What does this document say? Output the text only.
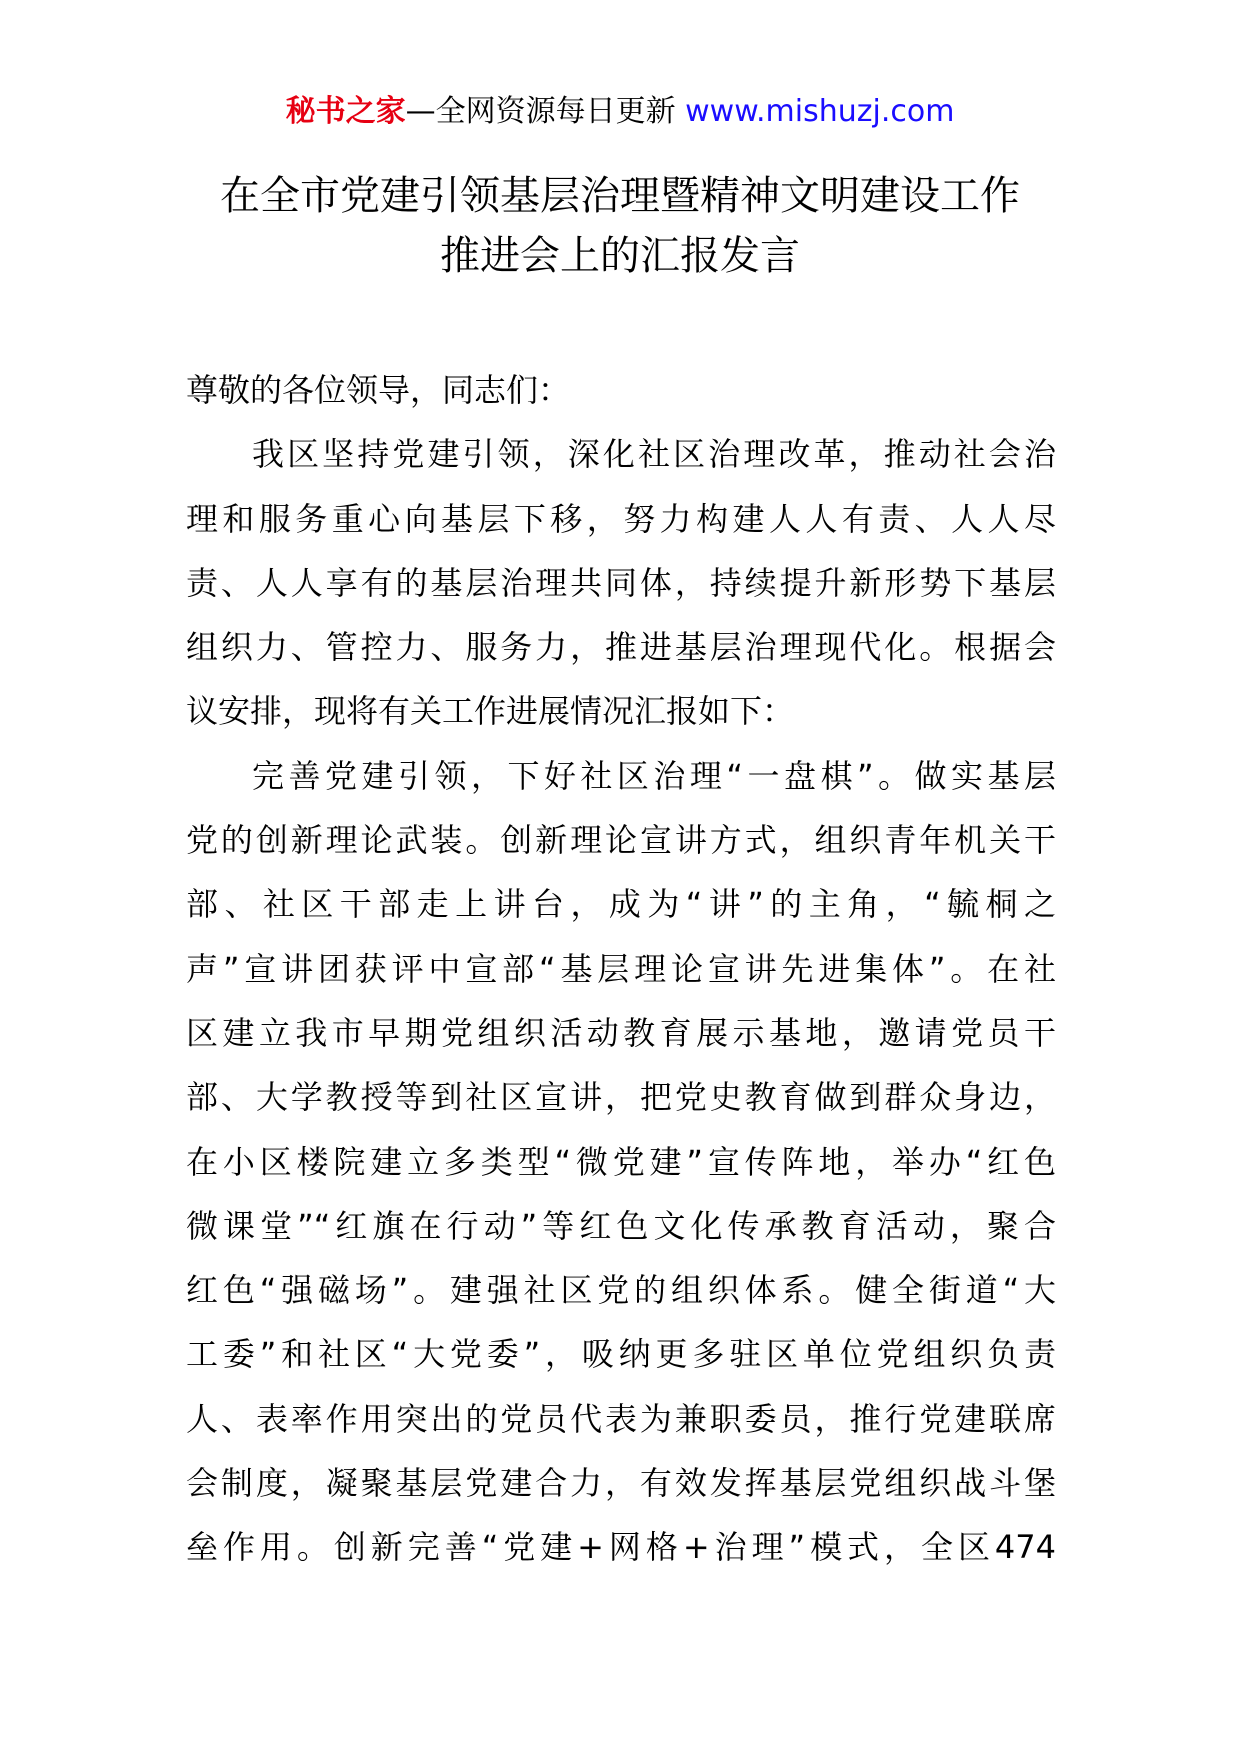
秘书之家—全网资源每日更新 www.mishuzj.com
在全市党建引领基层治理暨精神文明建设工作
推进会上的汇报发言
尊敬的各位领导，同志们：
我区坚持党建引领，深化社区治理改革，推动社会治
理和服务重心向基层下移，努力构建人人有责、人人尽
责、人人享有的基层治理共同体，持续提升新形势下基层
组织力、管控力、服务力，推进基层治理现代化。根据会
议安排，现将有关工作进展情况汇报如下：
完善党建引领，下好社区治理“一盘棋”。做实基层
党的创新理论武装。创新理论宣讲方式，组织青年机关干
部、社区干部走上讲台，成为“讲”的主角，“毓桐之
声”宣讲团获评中宣部“基层理论宣讲先进集体”。在社
区建立我市早期党组织活动教育展示基地，邀请党员干
部、大学教授等到社区宣讲，把党史教育做到群众身边，
在小区楼院建立多类型“微党建”宣传阵地，举办“红色
微课堂”“红旗在行动”等红色文化传承教育活动，聚合
红色“强磁场”。建强社区党的组织体系。健全街道“大
工委”和社区“大党委”，吸纳更多驻区单位党组织负责
人、表率作用突出的党员代表为兼职委员，推行党建联席
会制度，凝聚基层党建合力，有效发挥基层党组织战斗堡
垒作用。创新完善“党建+网格+治理”模式，全区474
